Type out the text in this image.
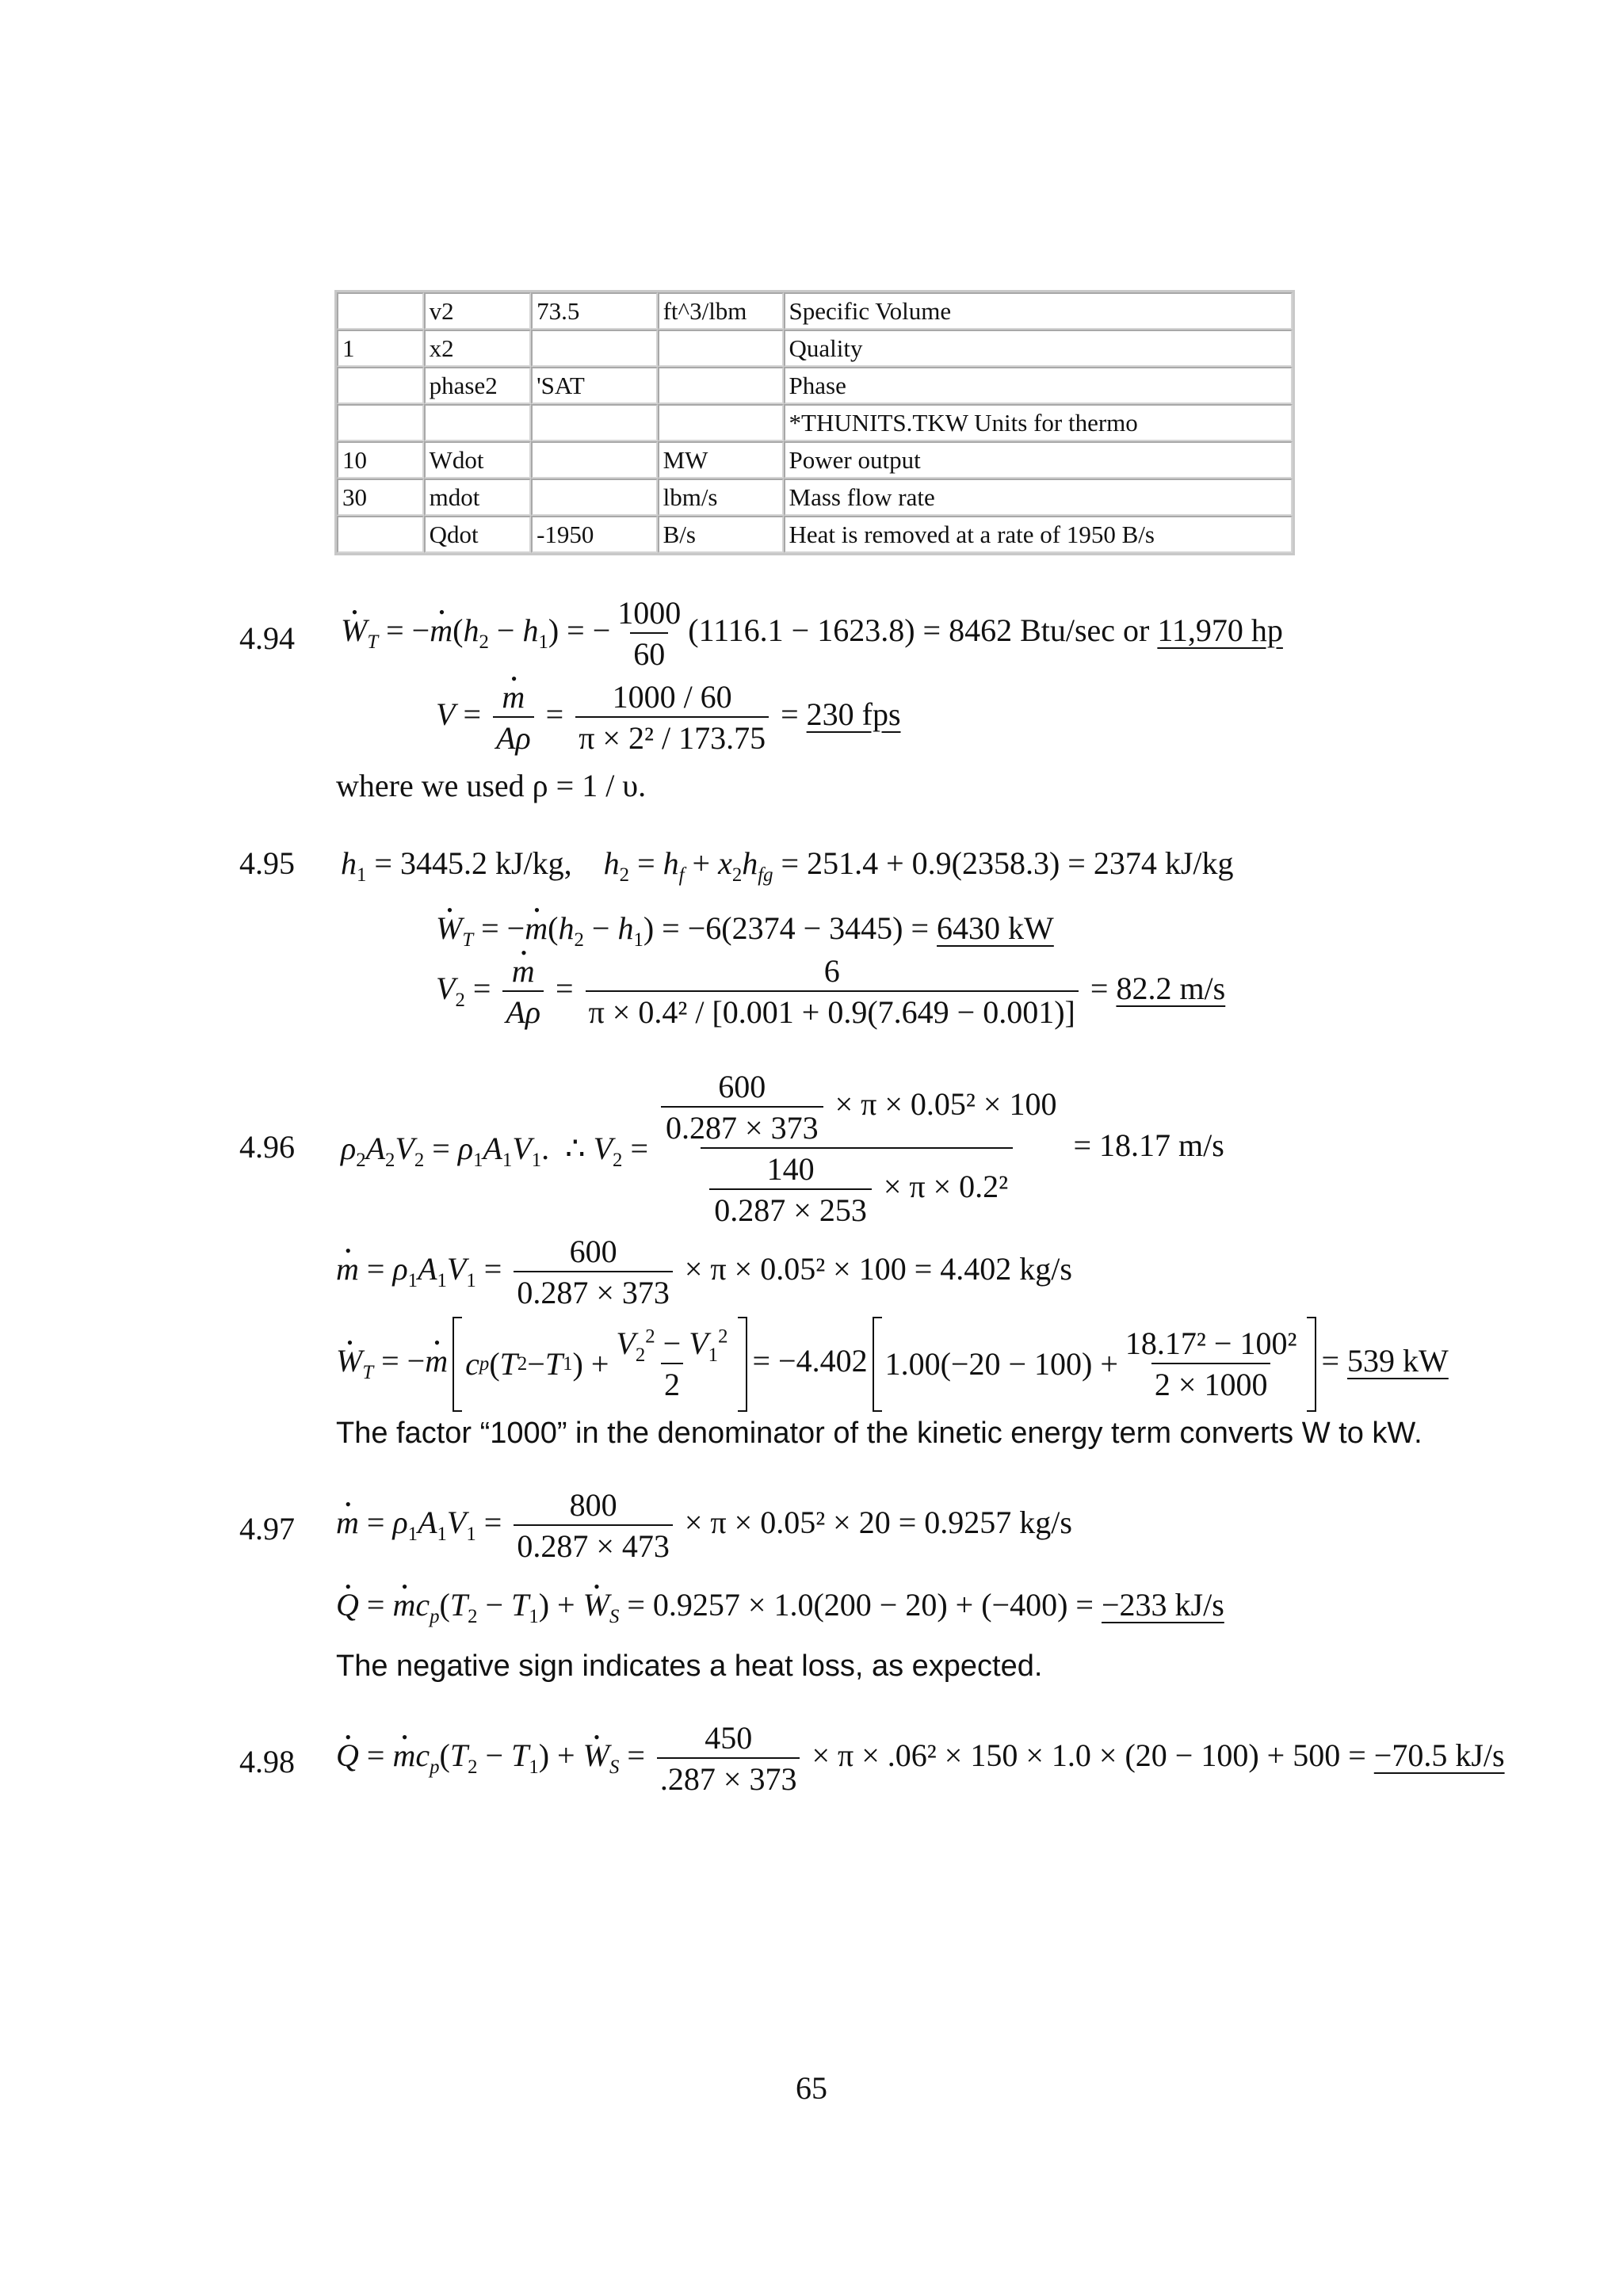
	v2	73.5	ft^3/lbm	Specific Volume
1	x2			Quality
	phase2	'SAT		Phase
				*THUNITS.TKW Units for thermo
10	Wdot		MW	Power output
30	mdot		lbm/s	Mass flow rate
	Qdot	-1950	B/s	Heat is removed at a rate of 1950 B/s
4.94 W $•_T = -m$ $•(h_2 - h_1)$ = − $\frac{1000}{60} (1116.1 - 1623.8) = 8462$ Btu/sec or 11,970 hp
$V = \frac{m •}{A\rho} = \frac{1000 / 60}{\text{π × 2² / 173.75}} = 230$ fps
where we used ρ = 1 / υ.
4.95 $h_1 = 3445.2$ kJ/kg,    $h_2 = h_f + x_2h_{fg} = 251.4 + 0.9(2358.3) = 2374$ kJ/kg
W $•_T = -m$ $•(h_2 - h_1) = -6(2374 - 3445) = 6430$ kW
$V_2 = \frac{m •}{A\rho} = \frac{6}{\text{π × 0.4² / [0.001 + 0.9(7.649 − 0.001)]}} = 82.2$ m/s
4.96 $\rho_2A_2V_2 = \rho_1A_1V_1$.  ∴ $V_2 = \frac{\frac{600}{0.287 \times 373} \times \pi \times 0.05^2 \times 100}{\frac{140}{0.287 \times 253} \times \pi \times 0.2^2} = 18.17$ m/s
m • = $\rho_1A_1V_1 = \frac{600}{0.287 \times 373} \times \pi \times 0.05^2 \times 100 = 4.402$ kg/s
W $•_T = -m$ • c p ( T 2 − T 1 ) + $\frac{V_2^2 - V_1^2}{2} = -4.402$ $1.00(-20 - 100) + \frac{\text{18.17² − 100²}}{2 \times 1000} = 539$ kW
The factor “1000” in the denominator of the kinetic energy term converts W to kW.
4.97 m • = $\rho_1A_1V_1 = \frac{800}{0.287 \times 473} \times \pi \times 0.05^2 \times 20 = 0.9257$ kg/s
Q • = m $•c_p(T_2 - T_1) + W$ $•_S = 0.9257 \times 1.0(200 - 20) + (-400) = -233$ kJ/s
The negative sign indicates a heat loss, as expected.
4.98 Q • = m $•c_p(T_2 - T_1) + W$ $•_S = \frac{450}{.287 \times 373} \times \pi \times .06^2 \times 150 \times 1.0 \times (20 - 100) + 500 = -70.5$ kJ/s
65
